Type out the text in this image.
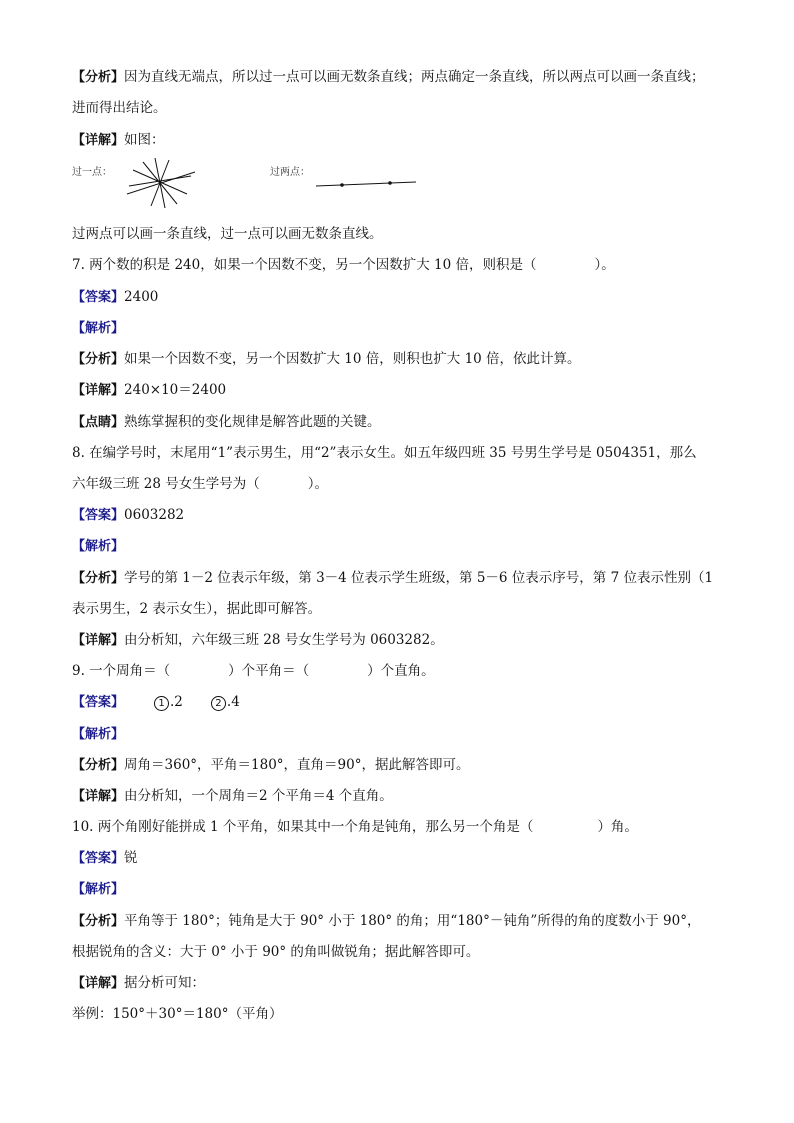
【分析】因为直线无端点，所以过一点可以画无数条直线；两点确定一条直线，所以两点可以画一条直线；
进而得出结论。
【详解】如图：
过一点：	过两点：
过两点可以画一条直线，过一点可以画无数条直线。
7. 两个数的积是 240，如果一个因数不变，另一个因数扩大 10 倍，则积是（	）。
【答案】2400
【解析】
【分析】如果一个因数不变，另一个因数扩大 10 倍，则积也扩大 10 倍，依此计算。
【详解】240×10＝2400
【点睛】熟练掌握积的变化规律是解答此题的关键。
8. 在编学号时，末尾用“1”表示男生，用“2”表示女生。如五年级四班 35 号男生学号是 0504351，那么
六年级三班 28 号女生学号为（	）。
【答案】0603282
【解析】
【分析】学号的第 1－2 位表示年级，第 3－4 位表示学生班级，第 5－6 位表示序号，第 7 位表示性别（1
表示男生，2 表示女生），据此即可解答。
【详解】由分析知，六年级三班 28 号女生学号为 0603282。
9. 一个周角＝（	）个平角＝（	）个直角。
【答案】	1 .2	2 .4
【解析】
【分析】周角＝360°，平角＝180°，直角＝90°，据此解答即可。
【详解】由分析知，一个周角＝2 个平角＝4 个直角。
10. 两个角刚好能拼成 1 个平角，如果其中一个角是钝角，那么另一个角是（	）角。
【答案】锐
【解析】
【分析】平角等于 180°；钝角是大于 90° 小于 180° 的角；用“180°－钝角”所得的角的度数小于 90°，
根据锐角的含义：大于 0° 小于 90° 的角叫做锐角；据此解答即可。
【详解】据分析可知：
举例：150°＋30°＝180°（平角）
